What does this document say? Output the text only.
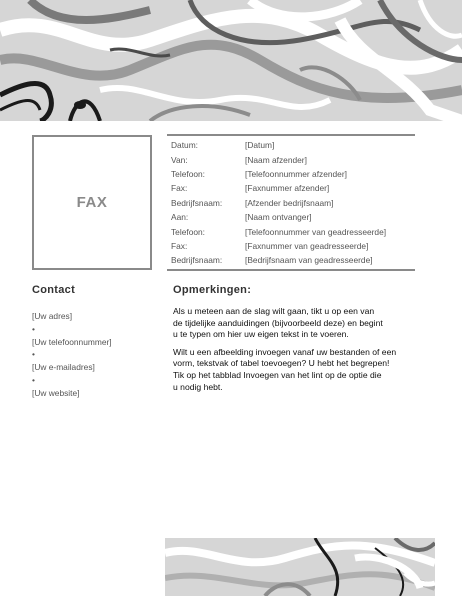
FAX
Datum:	[Datum]
Van:	[Naam afzender]
Telefoon:	[Telefoonnummer afzender]
Fax:	[Faxnummer afzender]
Bedrijfsnaam:	[Afzender bedrijfsnaam]
Aan:	[Naam ontvanger]
Telefoon:	[Telefoonnummer van geadresseerde]
Fax:	[Faxnummer van geadresseerde]
Bedrijfsnaam:	[Bedrijfsnaam van geadresseerde]
Contact
[Uw adres]
•
[Uw telefoonnummer]
•
[Uw e-mailadres]
•
[Uw website]
Opmerkingen:

Als u meteen aan de slag wilt gaan, tikt u op een van
de tijdelijke aanduidingen (bijvoorbeeld deze) en begint
u te typen om hier uw eigen tekst in te voeren.

Wilt u een afbeelding invoegen vanaf uw bestanden of een
vorm, tekstvak of tabel toevoegen? U hebt het begrepen!
Tik op het tabblad Invoegen van het lint op de optie die
u nodig hebt.
